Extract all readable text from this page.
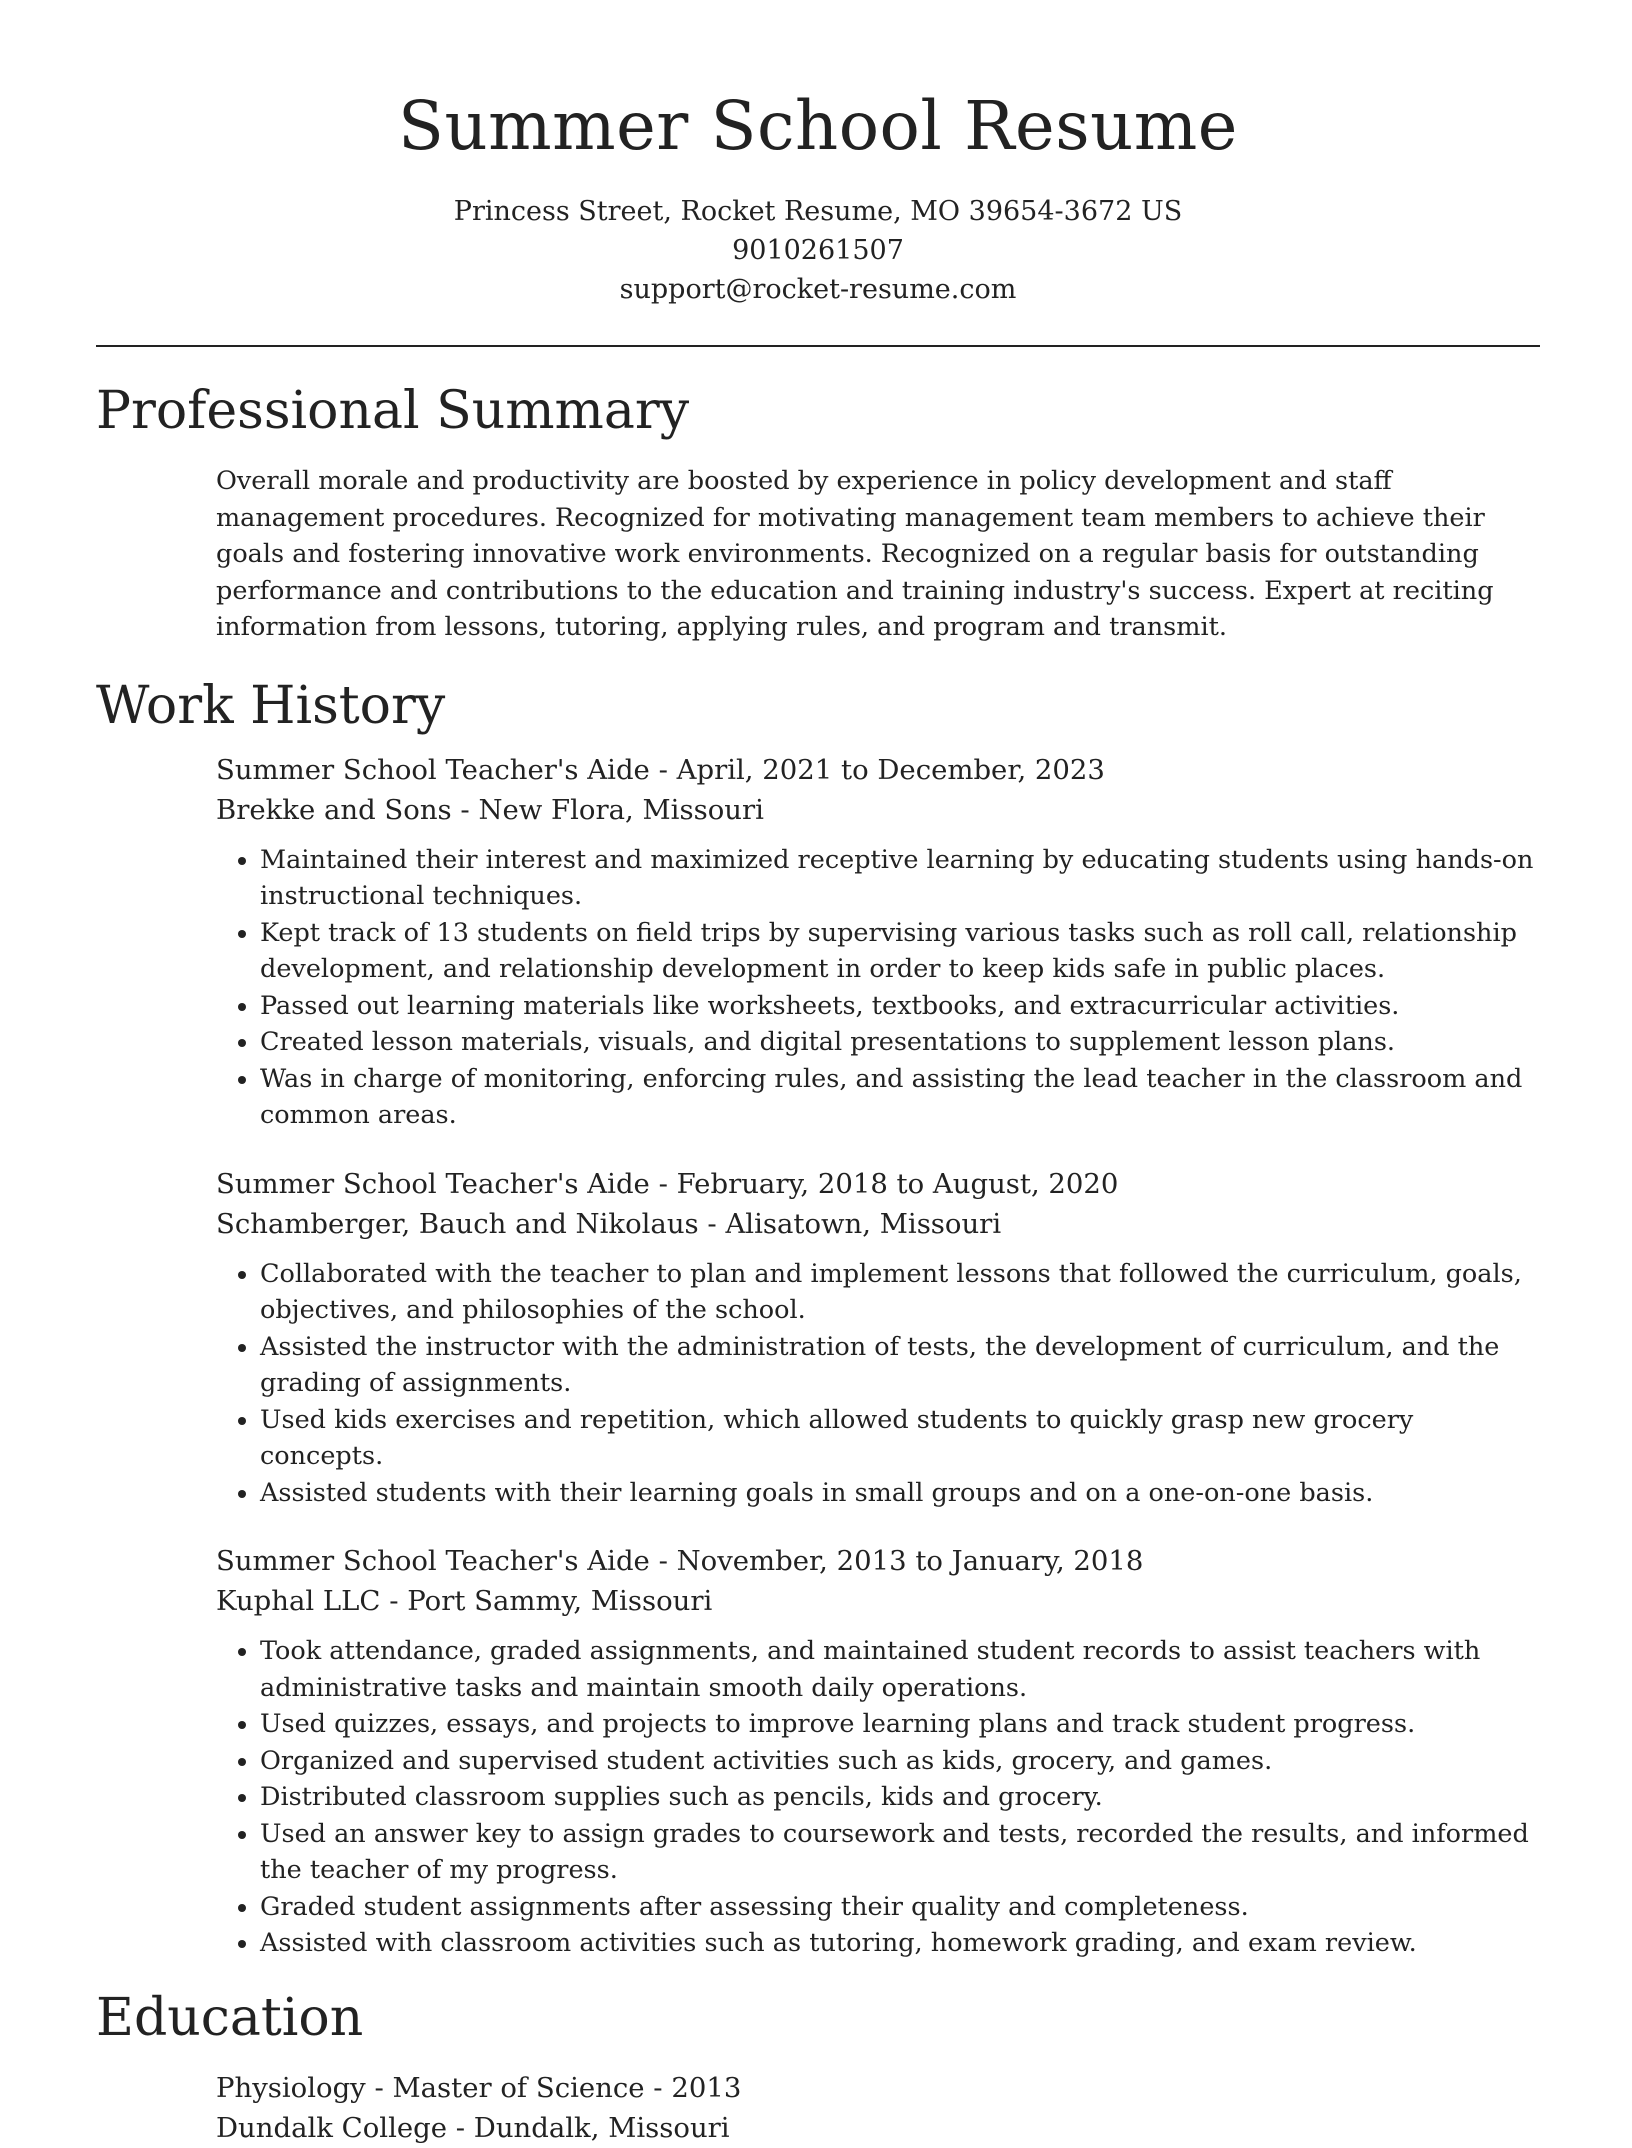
Summer School Resume
Princess Street, Rocket Resume, MO 39654-3672 US
9010261507
support@rocket-resume.com
Professional Summary
Overall morale and productivity are boosted by experience in policy development and staff management procedures. Recognized for motivating management team members to achieve their goals and fostering innovative work environments. Recognized on a regular basis for outstanding performance and contributions to the education and training industry's success. Expert at reciting information from lessons, tutoring, applying rules, and program and transmit.
Work History
Summer School Teacher's Aide - April, 2021 to December, 2023
Brekke and Sons - New Flora, Missouri
• Maintained their interest and maximized receptive learning by educating students using hands-on instructional techniques.
• Kept track of 13 students on field trips by supervising various tasks such as roll call, relationship development, and relationship development in order to keep kids safe in public places.
• Passed out learning materials like worksheets, textbooks, and extracurricular activities.
• Created lesson materials, visuals, and digital presentations to supplement lesson plans.
• Was in charge of monitoring, enforcing rules, and assisting the lead teacher in the classroom and common areas.
Summer School Teacher's Aide - February, 2018 to August, 2020
Schamberger, Bauch and Nikolaus - Alisatown, Missouri
• Collaborated with the teacher to plan and implement lessons that followed the curriculum, goals, objectives, and philosophies of the school.
• Assisted the instructor with the administration of tests, the development of curriculum, and the grading of assignments.
• Used kids exercises and repetition, which allowed students to quickly grasp new grocery concepts.
• Assisted students with their learning goals in small groups and on a one-on-one basis.
Summer School Teacher's Aide - November, 2013 to January, 2018
Kuphal LLC - Port Sammy, Missouri
• Took attendance, graded assignments, and maintained student records to assist teachers with administrative tasks and maintain smooth daily operations.
• Used quizzes, essays, and projects to improve learning plans and track student progress.
• Organized and supervised student activities such as kids, grocery, and games.
• Distributed classroom supplies such as pencils, kids and grocery.
• Used an answer key to assign grades to coursework and tests, recorded the results, and informed the teacher of my progress.
• Graded student assignments after assessing their quality and completeness.
• Assisted with classroom activities such as tutoring, homework grading, and exam review.
Education
Physiology - Master of Science - 2013
Dundalk College - Dundalk, Missouri
